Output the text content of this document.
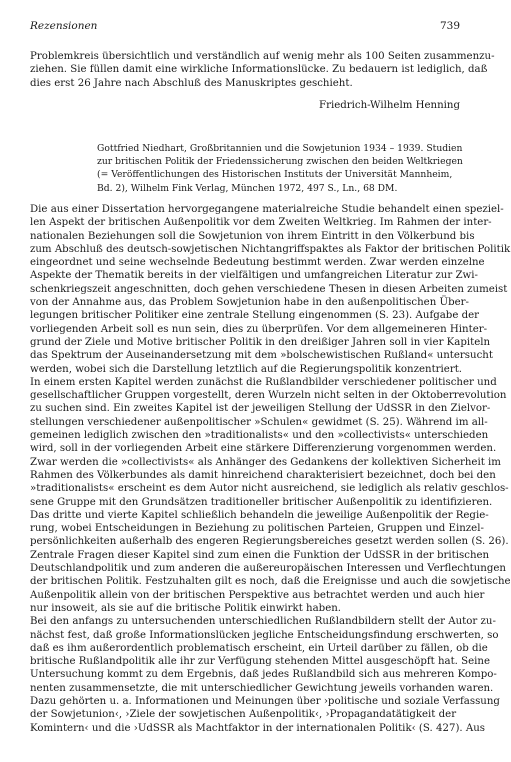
Rezensionen	739
Problemkreis übersichtlich und verständlich auf wenig mehr als 100 Seiten zusammenzu-
ziehen. Sie füllen damit eine wirkliche Informationslücke. Zu bedauern ist lediglich, daß
dies erst 26 Jahre nach Abschluß des Manuskriptes geschieht.
Friedrich-Wilhelm Henning
Gottfried Niedhart, Großbritannien und die Sowjetunion 1934 – 1939. Studien
zur britischen Politik der Friedenssicherung zwischen den beiden Weltkriegen
(= Veröffentlichungen des Historischen Instituts der Universität Mannheim,
Bd. 2), Wilhelm Fink Verlag, München 1972, 497 S., Ln., 68 DM.
Die aus einer Dissertation hervorgegangene materialreiche Studie behandelt einen speziel-
len Aspekt der britischen Außenpolitik vor dem Zweiten Weltkrieg. Im Rahmen der inter-
nationalen Beziehungen soll die Sowjetunion von ihrem Eintritt in den Völkerbund bis
zum Abschluß des deutsch-sowjetischen Nichtangriffspaktes als Faktor der britischen Politik
eingeordnet und seine wechselnde Bedeutung bestimmt werden. Zwar werden einzelne
Aspekte der Thematik bereits in der vielfältigen und umfangreichen Literatur zur Zwi-
schenkriegszeit angeschnitten, doch gehen verschiedene Thesen in diesen Arbeiten zumeist
von der Annahme aus, das Problem Sowjetunion habe in den außenpolitischen Über-
legungen britischer Politiker eine zentrale Stellung eingenommen (S. 23). Aufgabe der
vorliegenden Arbeit soll es nun sein, dies zu überprüfen. Vor dem allgemeineren Hinter-
grund der Ziele und Motive britischer Politik in den dreißiger Jahren soll in vier Kapiteln
das Spektrum der Auseinandersetzung mit dem »bolschewistischen Rußland« untersucht
werden, wobei sich die Darstellung letztlich auf die Regierungspolitik konzentriert.
In einem ersten Kapitel werden zunächst die Rußlandbilder verschiedener politischer und
gesellschaftlicher Gruppen vorgestellt, deren Wurzeln nicht selten in der Oktoberrevolution
zu suchen sind. Ein zweites Kapitel ist der jeweiligen Stellung der UdSSR in den Zielvor-
stellungen verschiedener außenpolitischer »Schulen« gewidmet (S. 25). Während im all-
gemeinen lediglich zwischen den »traditionalists« und den »collectivists« unterschieden
wird, soll in der vorliegenden Arbeit eine stärkere Differenzierung vorgenommen werden.
Zwar werden die »collectivists« als Anhänger des Gedankens der kollektiven Sicherheit im
Rahmen des Völkerbundes als damit hinreichend charakterisiert bezeichnet, doch bei den
»traditionalists« erscheint es dem Autor nicht ausreichend, sie lediglich als relativ geschlos-
sene Gruppe mit den Grundsätzen traditioneller britischer Außenpolitik zu identifizieren.
Das dritte und vierte Kapitel schließlich behandeln die jeweilige Außenpolitik der Regie-
rung, wobei Entscheidungen in Beziehung zu politischen Parteien, Gruppen und Einzel-
persönlichkeiten außerhalb des engeren Regierungsbereiches gesetzt werden sollen (S. 26).
Zentrale Fragen dieser Kapitel sind zum einen die Funktion der UdSSR in der britischen
Deutschlandpolitik und zum anderen die außereuropäischen Interessen und Verflechtungen
der britischen Politik. Festzuhalten gilt es noch, daß die Ereignisse und auch die sowjetische
Außenpolitik allein von der britischen Perspektive aus betrachtet werden und auch hier
nur insoweit, als sie auf die britische Politik einwirkt haben.
Bei den anfangs zu untersuchenden unterschiedlichen Rußlandbildern stellt der Autor zu-
nächst fest, daß große Informationslücken jegliche Entscheidungsfindung erschwerten, so
daß es ihm außerordentlich problematisch erscheint, ein Urteil darüber zu fällen, ob die
britische Rußlandpolitik alle ihr zur Verfügung stehenden Mittel ausgeschöpft hat. Seine
Untersuchung kommt zu dem Ergebnis, daß jedes Rußlandbild sich aus mehreren Kompo-
nenten zusammensetzte, die mit unterschiedlicher Gewichtung jeweils vorhanden waren.
Dazu gehörten u. a. Informationen und Meinungen über ›politische und soziale Verfassung
der Sowjetunion‹, ›Ziele der sowjetischen Außenpolitik‹, ›Propagandatätigkeit der
Komintern‹ und die ›UdSSR als Machtfaktor in der internationalen Politik‹ (S. 427). Aus
